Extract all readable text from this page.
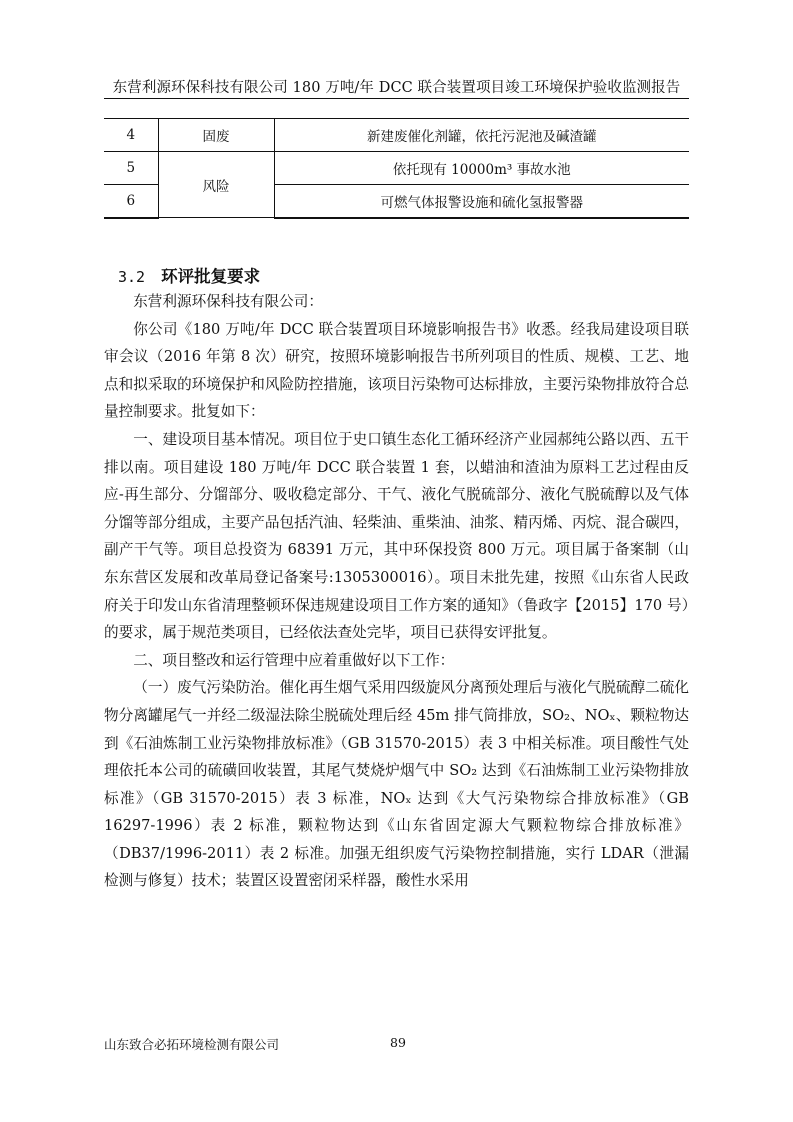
东营利源环保科技有限公司 180 万吨/年 DCC 联合装置项目竣工环境保护验收监测报告
4	固废	新建废催化剂罐，依托污泥池及碱渣罐
5	风险	依托现有 10000m³ 事故水池
6		可燃气体报警设施和硫化氢报警器
3.2 环评批复要求

东营利源环保科技有限公司：

你公司《180 万吨/年 DCC 联合装置项目环境影响报告书》收悉。经我局建设项目联审会议（2016 年第 8 次）研究，按照环境影响报告书所列项目的性质、规模、工艺、地点和拟采取的环境保护和风险防控措施，该项目污染物可达标排放，主要污染物排放符合总量控制要求。批复如下：

一、建设项目基本情况。项目位于史口镇生态化工循环经济产业园郝纯公路以西、五干排以南。项目建设 180 万吨/年 DCC 联合装置 1 套，以蜡油和渣油为原料工艺过程由反应-再生部分、分馏部分、吸收稳定部分、干气、液化气脱硫部分、液化气脱硫醇以及气体分馏等部分组成，主要产品包括汽油、轻柴油、重柴油、油浆、精丙烯、丙烷、混合碳四，副产干气等。项目总投资为 68391 万元，其中环保投资 800 万元。项目属于备案制（山东东营区发展和改革局登记备案号:1305300016）。项目未批先建，按照《山东省人民政府关于印发山东省清理整顿环保违规建设项目工作方案的通知》（鲁政字【2015】170 号）的要求，属于规范类项目，已经依法查处完毕，项目已获得安评批复。

二、项目整改和运行管理中应着重做好以下工作：

（一）废气污染防治。催化再生烟气采用四级旋风分离预处理后与液化气脱硫醇二硫化物分离罐尾气一并经二级湿法除尘脱硫处理后经 45m 排气筒排放，SO₂、NOₓ、颗粒物达到《石油炼制工业污染物排放标准》（GB 31570-2015）表 3 中相关标准。项目酸性气处理依托本公司的硫磺回收装置，其尾气焚烧炉烟气中 SO₂ 达到《石油炼制工业污染物排放标准》（GB 31570-2015）表 3 标准，NOₓ 达到《大气污染物综合排放标准》（GB 16297-1996）表 2 标准，颗粒物达到《山东省固定源大气颗粒物综合排放标准》（DB37/1996-2011）表 2 标准。加强无组织废气污染物控制措施，实行 LDAR（泄漏检测与修复）技术；装置区设置密闭采样器，酸性水采用

山东致合必拓环境检测有限公司	89
